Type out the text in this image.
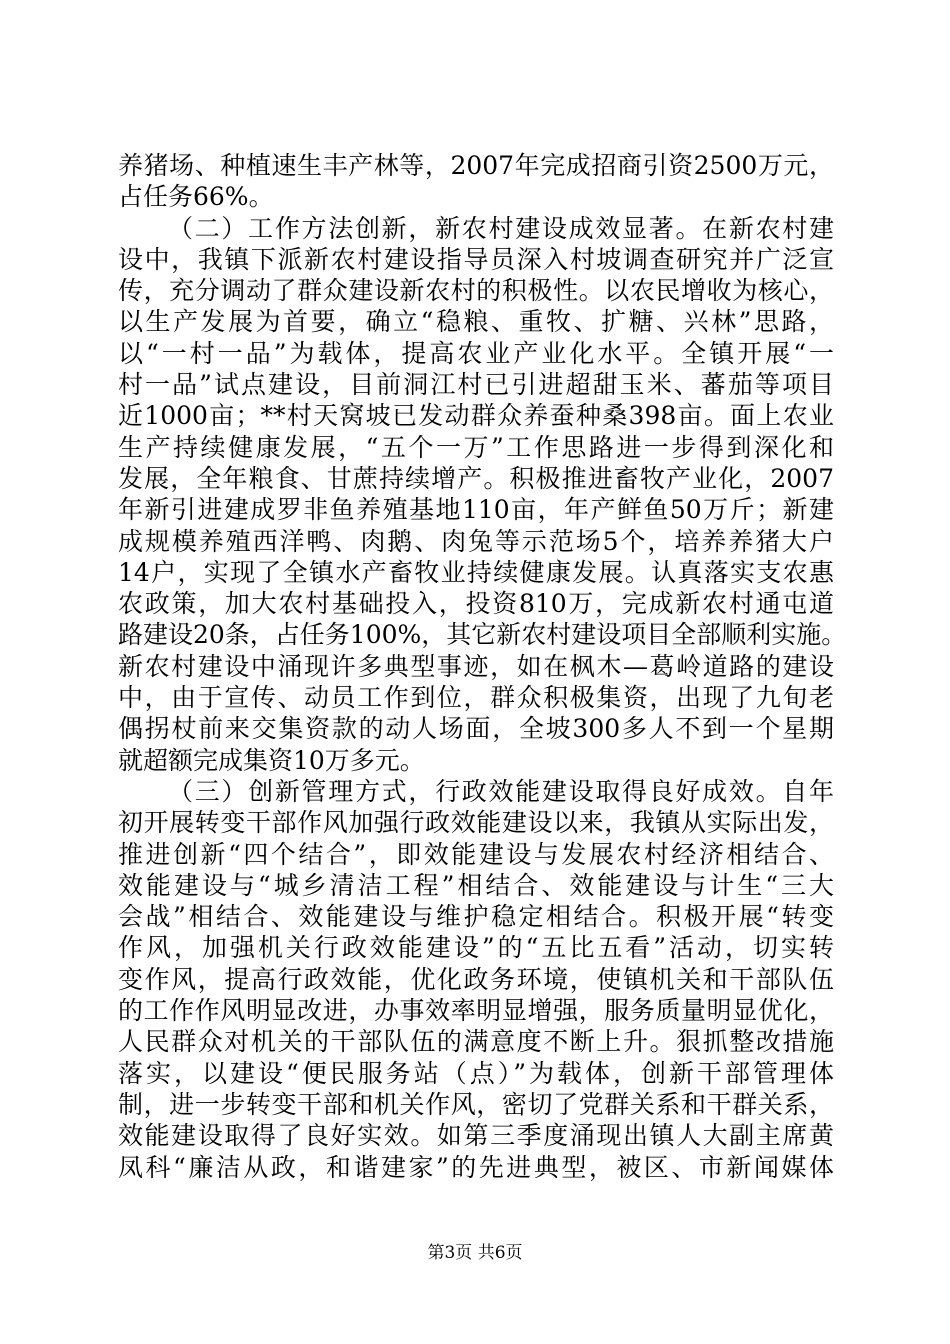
养猪场、种植速生丰产林等，2007年完成招商引资2500万元，
占任务66%。
（二）工作方法创新，新农村建设成效显著。在新农村建
设中，我镇下派新农村建设指导员深入村坡调查研究并广泛宣
传，充分调动了群众建设新农村的积极性。以农民增收为核心，
以生产发展为首要，确立“稳粮、重牧、扩糖、兴林”思路，
以“一村一品”为载体，提高农业产业化水平。全镇开展“一
村一品”试点建设，目前洞江村已引进超甜玉米、蕃茄等项目
近1000亩；**村天窝坡已发动群众养蚕种桑398亩。面上农业
生产持续健康发展，“五个一万”工作思路进一步得到深化和
发展，全年粮食、甘蔗持续增产。积极推进畜牧产业化，2007
年新引进建成罗非鱼养殖基地110亩，年产鲜鱼50万斤；新建
成规模养殖西洋鸭、肉鹅、肉兔等示范场5个，培养养猪大户
14户，实现了全镇水产畜牧业持续健康发展。认真落实支农惠
农政策，加大农村基础投入，投资810万，完成新农村通屯道
路建设20条，占任务100%，其它新农村建设项目全部顺利实施。
新农村建设中涌现许多典型事迹，如在枫木—葛岭道路的建设
中，由于宣传、动员工作到位，群众积极集资，出现了九旬老
偶拐杖前来交集资款的动人场面，全坡300多人不到一个星期
就超额完成集资10万多元。
（三）创新管理方式，行政效能建设取得良好成效。自年
初开展转变干部作风加强行政效能建设以来，我镇从实际出发，
推进创新“四个结合”，即效能建设与发展农村经济相结合、
效能建设与“城乡清洁工程”相结合、效能建设与计生“三大
会战”相结合、效能建设与维护稳定相结合。积极开展“转变
作风，加强机关行政效能建设”的“五比五看”活动，切实转
变作风，提高行政效能，优化政务环境，使镇机关和干部队伍
的工作作风明显改进，办事效率明显增强，服务质量明显优化，
人民群众对机关的干部队伍的满意度不断上升。狠抓整改措施
落实，以建设“便民服务站（点）”为载体，创新干部管理体
制，进一步转变干部和机关作风，密切了党群关系和干群关系，
效能建设取得了良好实效。如第三季度涌现出镇人大副主席黄
凤科“廉洁从政，和谐建家”的先进典型，被区、市新闻媒体
第3页 共6页
